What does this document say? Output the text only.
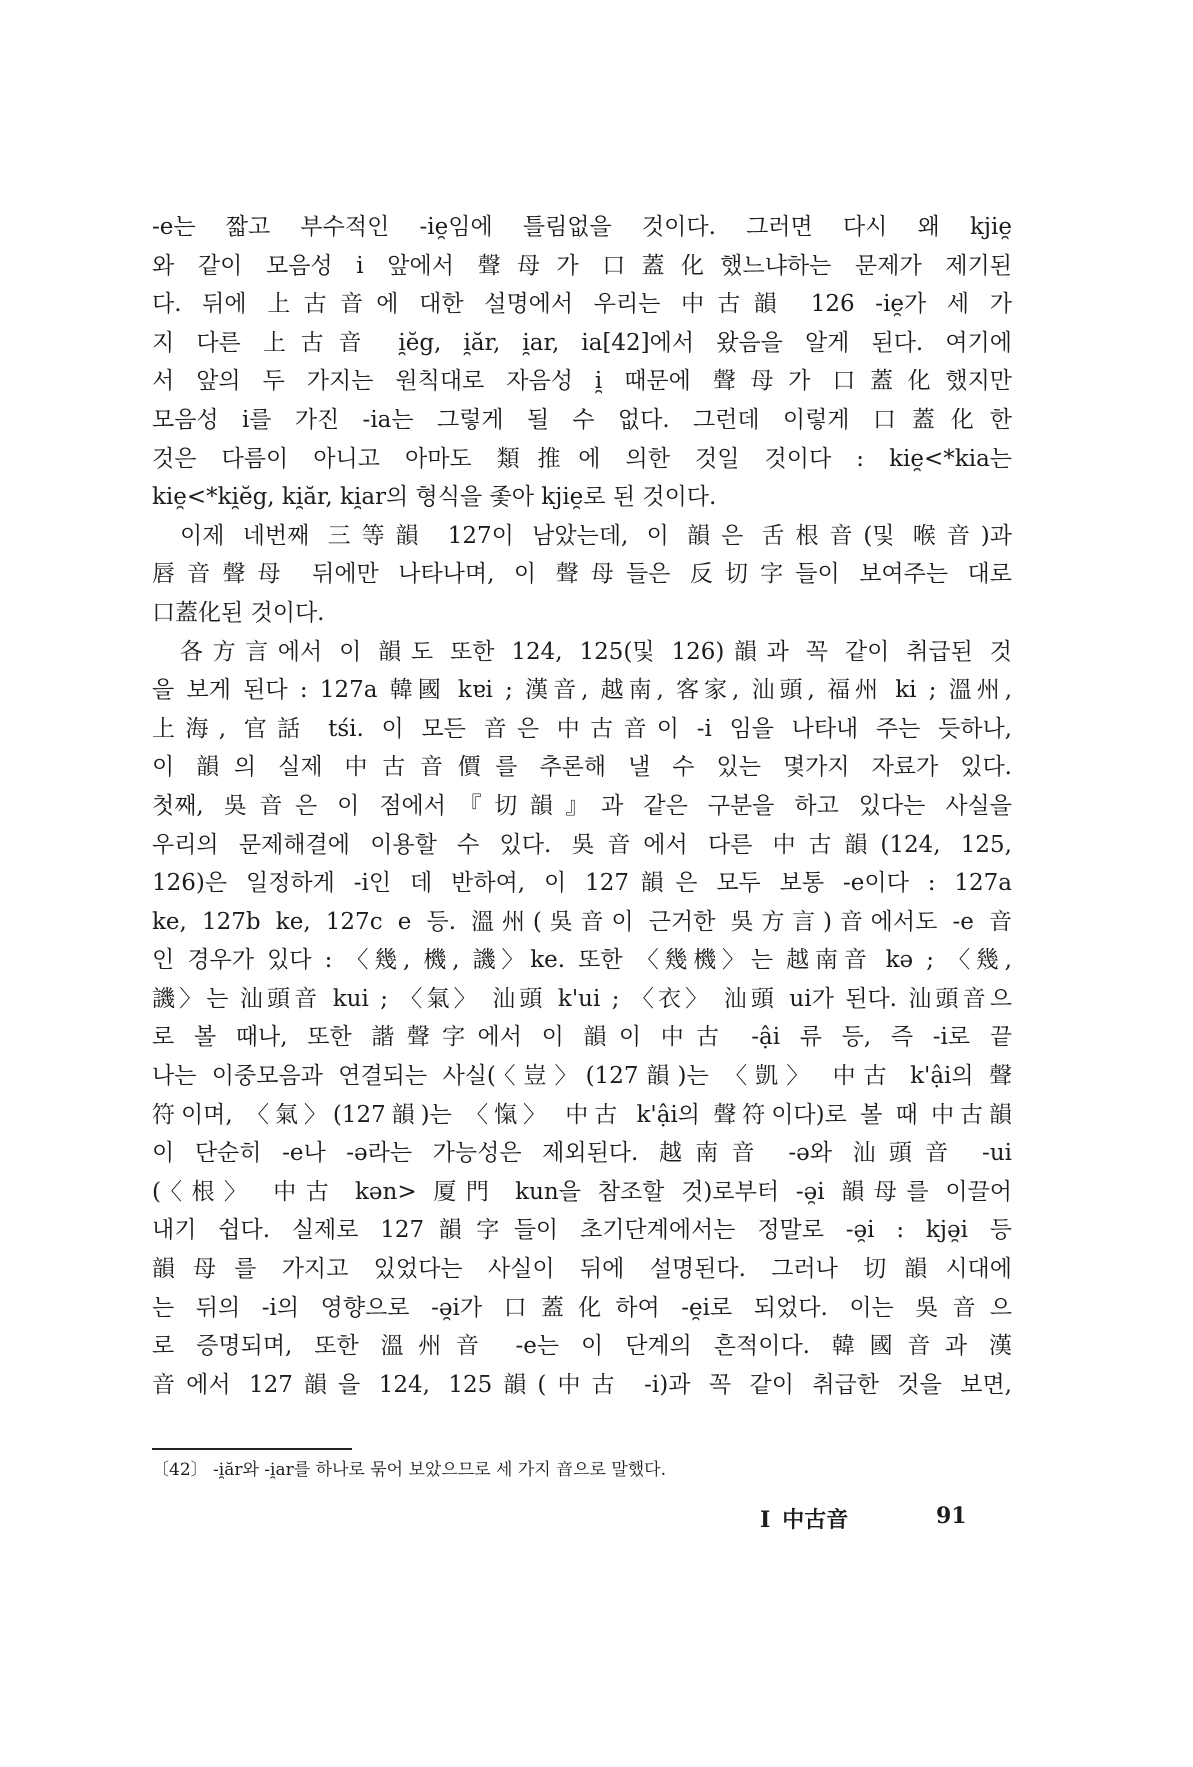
-e는 짧고 부수적인 -ie̯임에 틀림없을 것이다. 그러면 다시 왜 kjie̯
와 같이 모음성 i 앞에서 聲母가 口蓋化했느냐하는 문제가 제기된
다. 뒤에 上古音에 대한 설명에서 우리는 中古韻 126 -ie̯가 세 가
지 다른 上古音 i̯ĕg, i̯ăr, i̯ar, ia[42]에서 왔음을 알게 된다. 여기에
서 앞의 두 가지는 원칙대로 자음성 i̯ 때문에 聲母가 口蓋化했지만
모음성 i를 가진 -ia는 그렇게 될 수 없다. 그런데 이렇게 口蓋化한
것은 다름이 아니고 아마도 類推에 의한 것일 것이다 : kie̯<*kia는
kie̯<*ki̯ĕg, ki̯ăr, ki̯ar의 형식을 좇아 kjie̯로 된 것이다.
이제 네번째 三等韻 127이 남았는데, 이 韻은 舌根音(및 喉音)과
唇音聲母 뒤에만 나타나며, 이 聲母들은 反切字들이 보여주는 대로
口蓋化된 것이다.
各方言에서 이 韻도 또한 124, 125(및 126)韻과 꼭 같이 취급된 것
을 보게 된다 : 127a 韓國 kɐi ; 漢音, 越南, 客家, 汕頭, 福州 ki ; 溫州,
上海, 官話 tśi. 이 모든 音은 中古音이 -i 임을 나타내 주는 듯하나,
이 韻의 실제 中古音價를 추론해 낼 수 있는 몇가지 자료가 있다.
첫째, 吳音은 이 점에서『切韻』과 같은 구분을 하고 있다는 사실을
우리의 문제해결에 이용할 수 있다. 吳音에서 다른 中古韻(124, 125,
126)은 일정하게 -i인 데 반하여, 이 127韻은 모두 보통 -e이다 : 127a
ke, 127b ke, 127c e 등. 溫州(吳音이 근거한 吳方言)音에서도 -e 音
인 경우가 있다 : 〈幾, 機, 譏〉ke. 또한 〈幾機〉는 越南音 kə ; 〈幾,
譏〉는 汕頭音 kui ; 〈氣〉 汕頭 k'ui ; 〈衣〉 汕頭 ui가 된다. 汕頭音으
로 볼 때나, 또한 諧聲字에서 이 韻이 中古 -ậi 류 등, 즉 -i로 끝
나는 이중모음과 연결되는 사실(〈豈〉(127韻)는 〈凱〉 中古 k'ậi의 聲
符이며, 〈氣〉(127韻)는 〈愾〉 中古 k'ậi의 聲符이다)로 볼 때 中古韻
이 단순히 -e나 -ə라는 가능성은 제외된다. 越南音 -ə와 汕頭音 -ui
(〈根〉 中古 kən> 厦門 kun을 참조할 것)로부터 -ə̯i 韻母를 이끌어
내기 쉽다. 실제로 127韻字들이 초기단계에서는 정말로 -ə̯i : kjə̯i 등
韻母를 가지고 있었다는 사실이 뒤에 설명된다. 그러나 切韻시대에
는 뒤의 -i의 영향으로 -ə̯i가 口蓋化하여 -e̯i로 되었다. 이는 吳音으
로 증명되며, 또한 溫州音 -e는 이 단계의 흔적이다. 韓國音과 漢
音에서 127韻을 124, 125韻(中古 -i)과 꼭 같이 취급한 것을 보면,
〔42〕 -i̯ăr와 -i̯ar를 하나로 묶어 보았으므로 세 가지 音으로 말했다.
I 中古音	91
